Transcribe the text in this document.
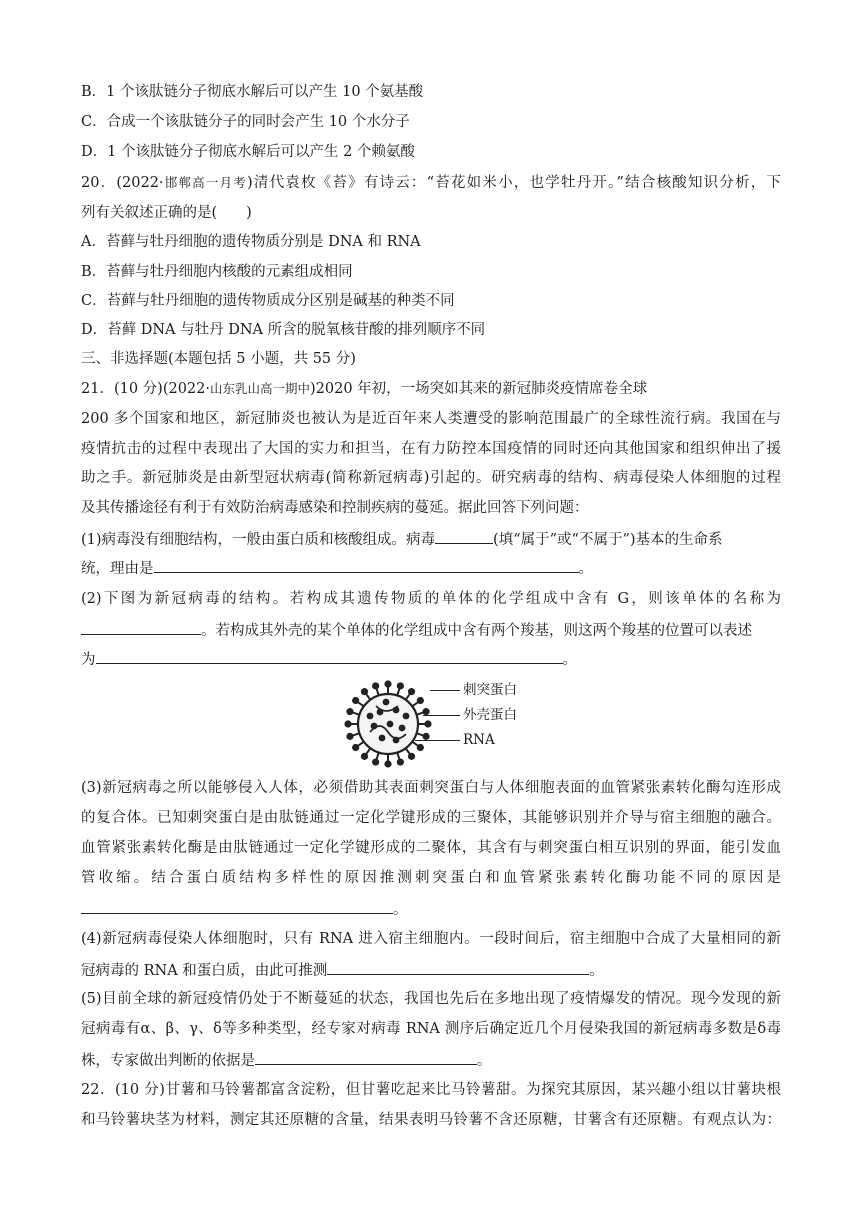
B．1 个该肽链分子彻底水解后可以产生 10 个氨基酸
C．合成一个该肽链分子的同时会产生 10 个水分子
D．1 个该肽链分子彻底水解后可以产生 2 个赖氨酸
20．(2022·邯郸高一月考)清代袁枚《苔》有诗云：“苔花如米小，也学牡丹开。”结合核酸知识分析，下
列有关叙述正确的是(　　)
A．苔藓与牡丹细胞的遗传物质分别是 DNA 和 RNA
B．苔藓与牡丹细胞内核酸的元素组成相同
C．苔藓与牡丹细胞的遗传物质成分区别是碱基的种类不同
D．苔藓 DNA 与牡丹 DNA 所含的脱氧核苷酸的排列顺序不同
三、非选择题(本题包括 5 小题，共 55 分)
21．(10 分)(2022·山东乳山高一期中)2020 年初，一场突如其来的新冠肺炎疫情席卷全球
200 多个国家和地区，新冠肺炎也被认为是近百年来人类遭受的影响范围最广的全球性流行病。我国在与
疫情抗击的过程中表现出了大国的实力和担当，在有力防控本国疫情的同时还向其他国家和组织伸出了援
助之手。新冠肺炎是由新型冠状病毒(简称新冠病毒)引起的。研究病毒的结构、病毒侵染人体细胞的过程
及其传播途径有利于有效防治病毒感染和控制疾病的蔓延。据此回答下列问题：
(1)病毒没有细胞结构，一般由蛋白质和核酸组成。病毒	(填“属于”或“不属于”)基本的生命系
统，理由是	。
(2)下图为新冠病毒的结构。若构成其遗传物质的单体的化学组成中含有 G，则该单体的名称为
。若构成其外壳的某个单体的化学组成中含有两个羧基，则这两个羧基的位置可以表述
为	。
刺突蛋白
外壳蛋白
RNA
(3)新冠病毒之所以能够侵入人体，必须借助其表面刺突蛋白与人体细胞表面的血管紧张素转化酶勾连形成
的复合体。已知刺突蛋白是由肽链通过一定化学键形成的三聚体，其能够识别并介导与宿主细胞的融合。
血管紧张素转化酶是由肽链通过一定化学键形成的二聚体，其含有与刺突蛋白相互识别的界面，能引发血
管收缩。结合蛋白质结构多样性的原因推测刺突蛋白和血管紧张素转化酶功能不同的原因是
。
(4)新冠病毒侵染人体细胞时，只有 RNA 进入宿主细胞内。一段时间后，宿主细胞中合成了大量相同的新
冠病毒的 RNA 和蛋白质，由此可推测	。
(5)目前全球的新冠疫情仍处于不断蔓延的状态，我国也先后在多地出现了疫情爆发的情况。现今发现的新
冠病毒有α、β、γ、δ等多种类型，经专家对病毒 RNA 测序后确定近几个月侵染我国的新冠病毒多数是δ毒
株，专家做出判断的依据是	。
22．(10 分)甘薯和马铃薯都富含淀粉，但甘薯吃起来比马铃薯甜。为探究其原因，某兴趣小组以甘薯块根
和马铃薯块茎为材料，测定其还原糖的含量，结果表明马铃薯不含还原糖，甘薯含有还原糖。有观点认为：
